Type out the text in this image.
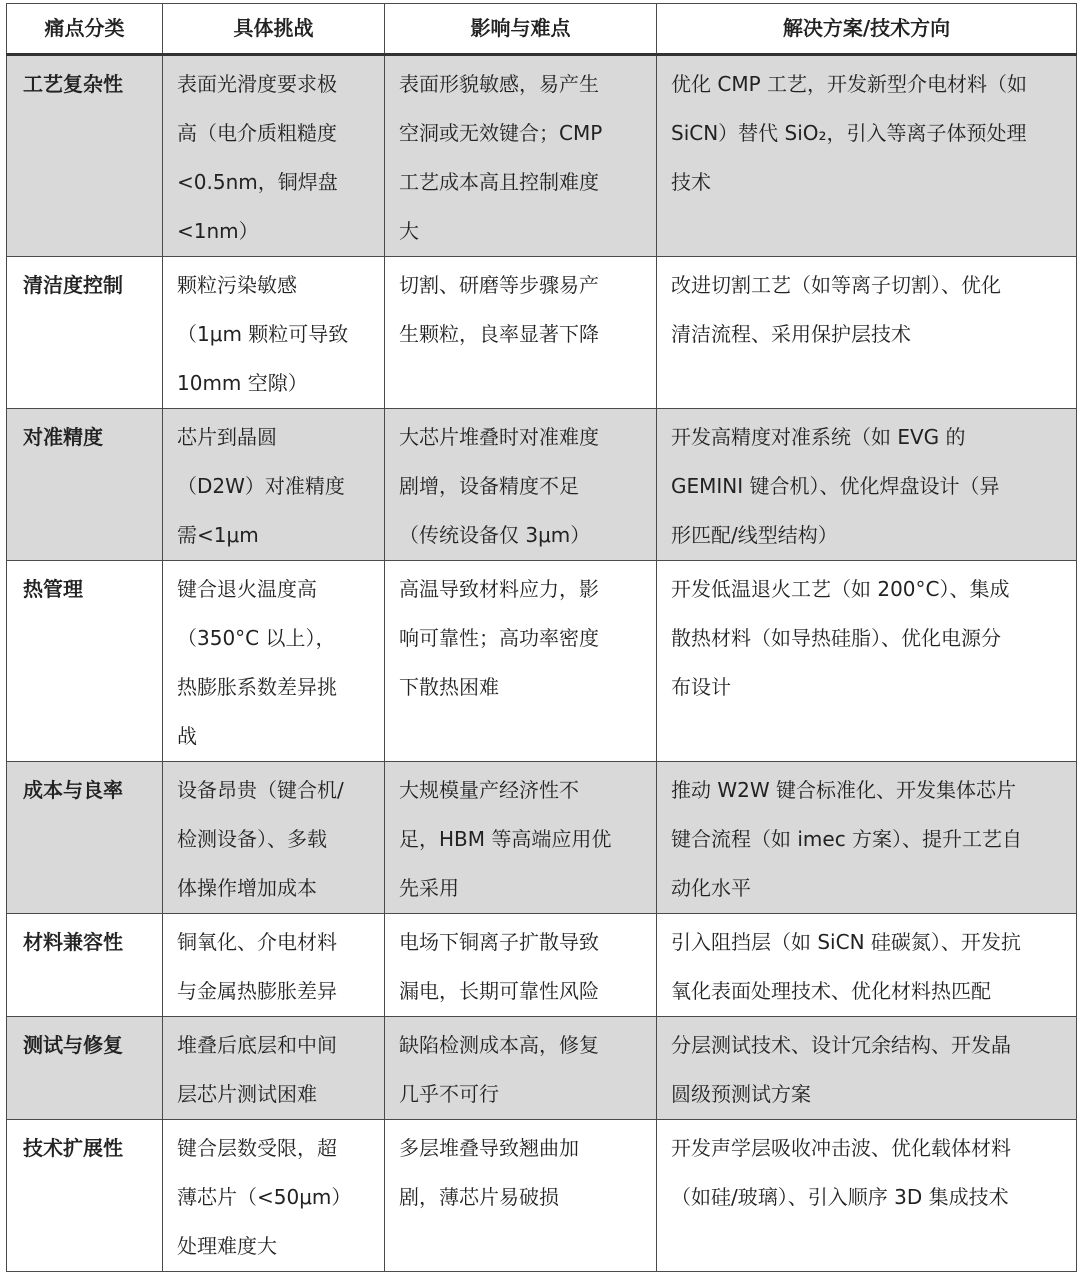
痛点分类	具体挑战	影响与难点	解决方案/技术方向
工艺复杂性	表面光滑度要求极
高（电介质粗糙度
<0.5nm，铜焊盘
<1nm）	表面形貌敏感，易产生
空洞或无效键合；CMP
工艺成本高且控制难度
大	优化 CMP 工艺，开发新型介电材料（如
SiCN）替代 SiO₂，引入等离子体预处理
技术
清洁度控制	颗粒污染敏感
（1μm 颗粒可导致
10mm 空隙）	切割、研磨等步骤易产
生颗粒，良率显著下降	改进切割工艺（如等离子切割）、优化
清洁流程、采用保护层技术
对准精度	芯片到晶圆
（D2W）对准精度
需<1μm	大芯片堆叠时对准难度
剧增，设备精度不足
（传统设备仅 3μm）	开发高精度对准系统（如 EVG 的
GEMINI 键合机）、优化焊盘设计（异
形匹配/线型结构）
热管理	键合退火温度高
（350°C 以上），
热膨胀系数差异挑
战	高温导致材料应力，影
响可靠性；高功率密度
下散热困难	开发低温退火工艺（如 200°C）、集成
散热材料（如导热硅脂）、优化电源分
布设计
成本与良率	设备昂贵（键合机/
检测设备）、多载
体操作增加成本	大规模量产经济性不
足，HBM 等高端应用优
先采用	推动 W2W 键合标准化、开发集体芯片
键合流程（如 imec 方案）、提升工艺自
动化水平
材料兼容性	铜氧化、介电材料
与金属热膨胀差异	电场下铜离子扩散导致
漏电，长期可靠性风险	引入阻挡层（如 SiCN 硅碳氮）、开发抗
氧化表面处理技术、优化材料热匹配
测试与修复	堆叠后底层和中间
层芯片测试困难	缺陷检测成本高，修复
几乎不可行	分层测试技术、设计冗余结构、开发晶
圆级预测试方案
技术扩展性	键合层数受限，超
薄芯片（<50μm）
处理难度大	多层堆叠导致翘曲加
剧，薄芯片易破损	开发声学层吸收冲击波、优化载体材料
（如硅/玻璃）、引入顺序 3D 集成技术
